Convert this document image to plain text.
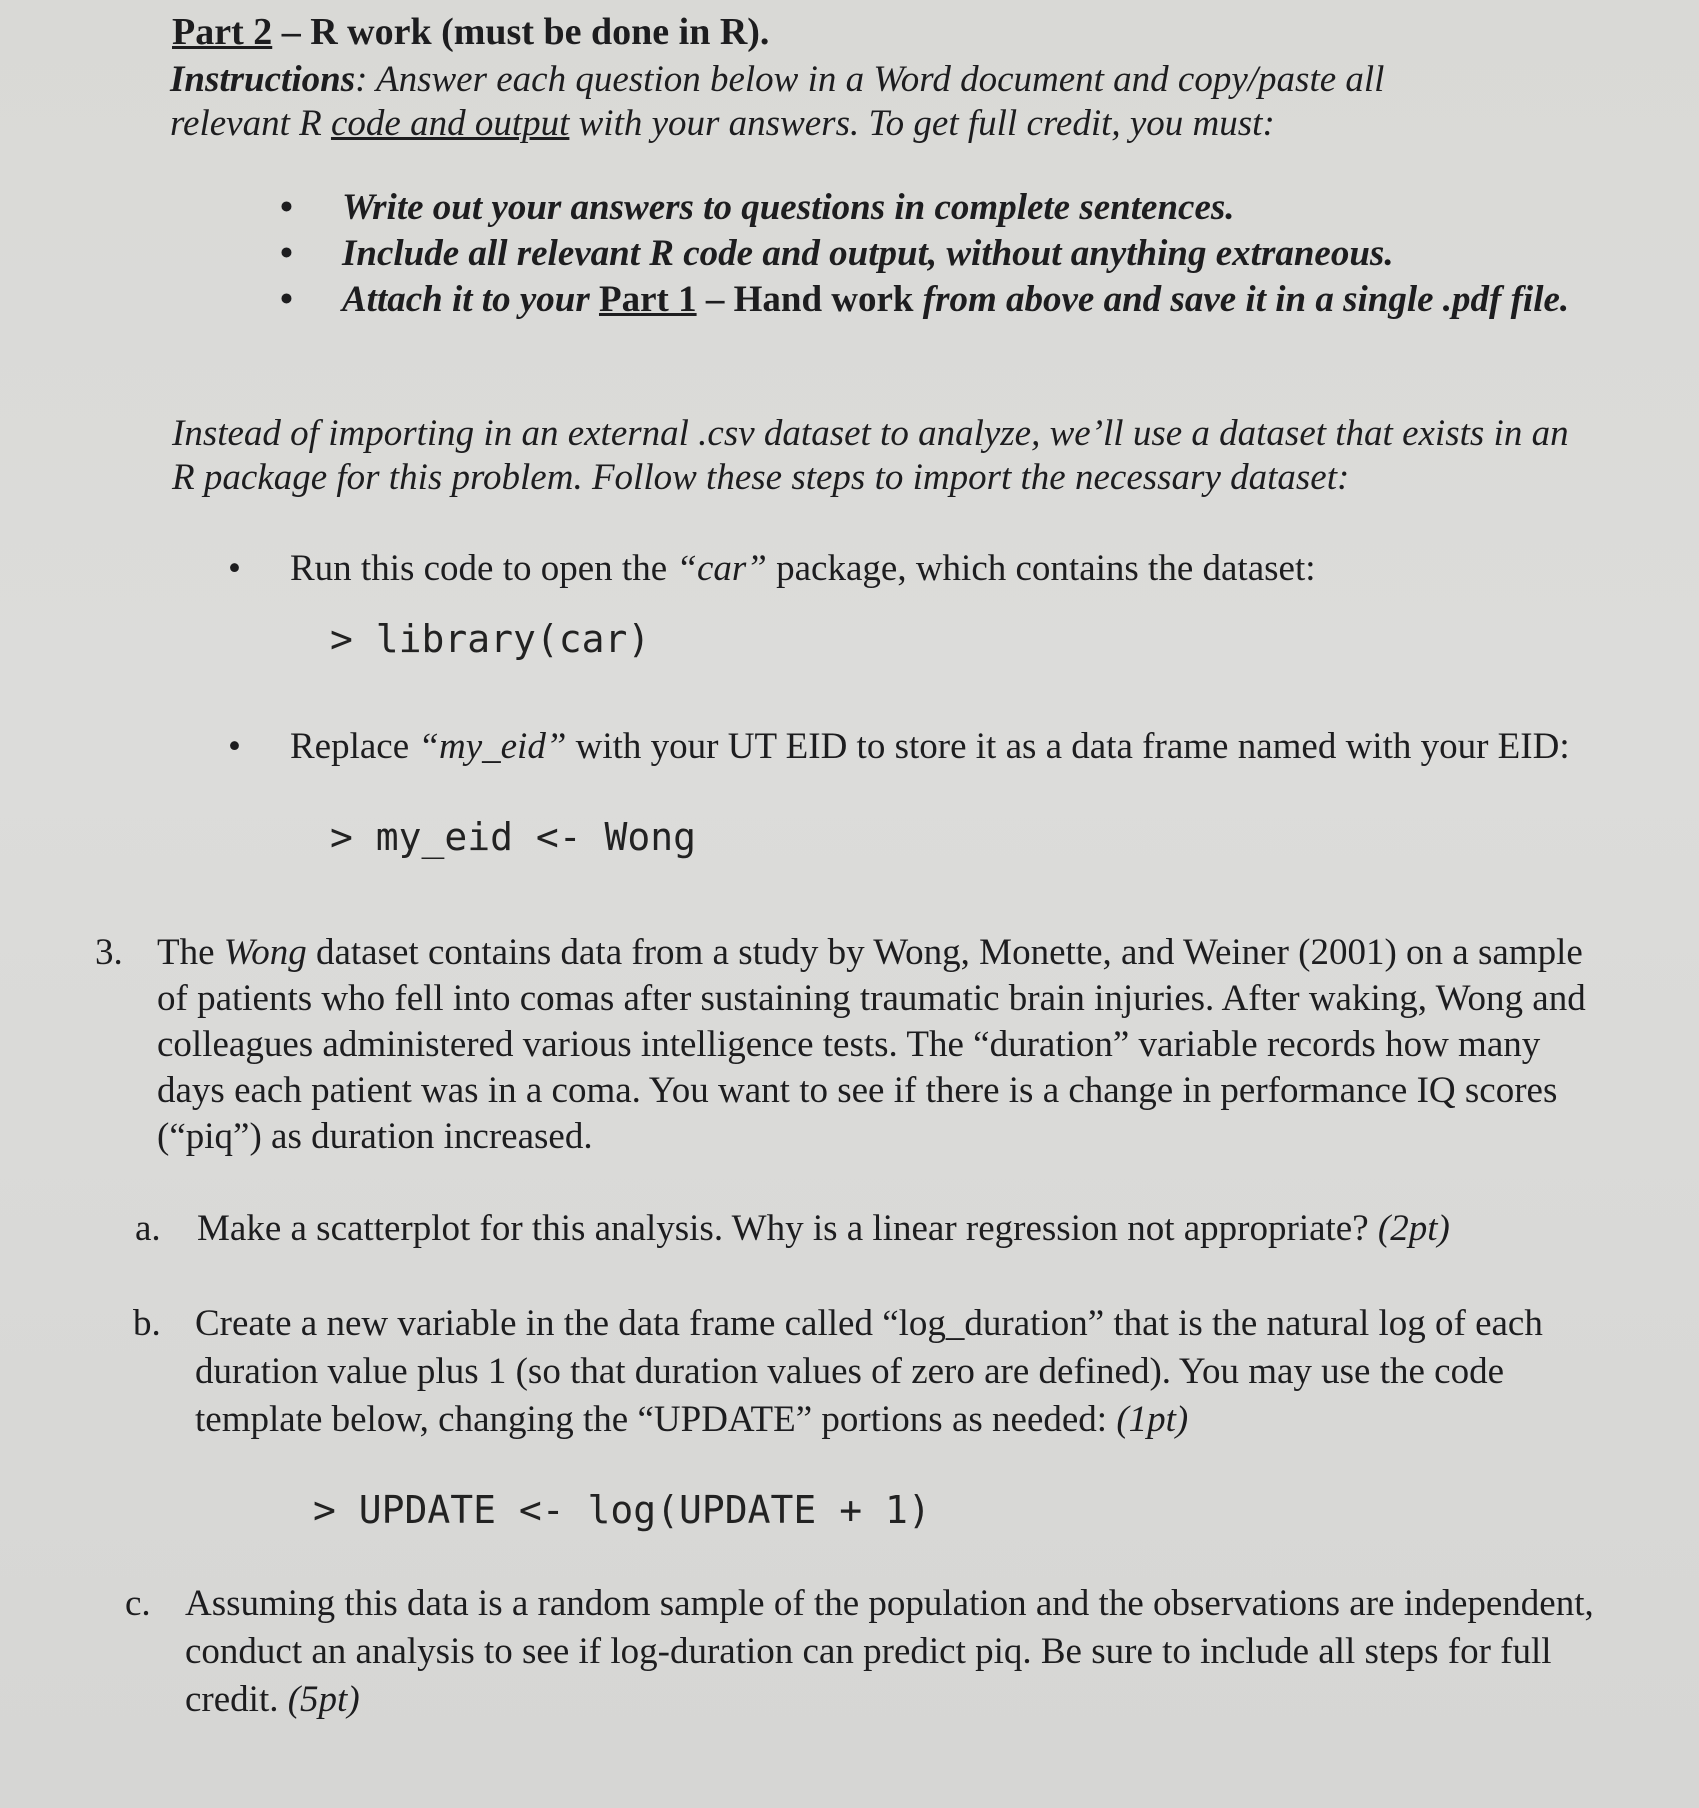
Part 2 – R work (must be done in R).
Instructions: Answer each question below in a Word document and copy/paste all relevant R code and output with your answers. To get full credit, you must:
• Write out your answers to questions in complete sentences.
• Include all relevant R code and output, without anything extraneous.
• Attach it to your Part 1 – Hand work from above and save it in a single .pdf file.
Instead of importing in an external .csv dataset to analyze, we’ll use a dataset that exists in an R package for this problem. Follow these steps to import the necessary dataset:
• Run this code to open the “car” package, which contains the dataset:
> library(car)
• Replace “my_eid” with your UT EID to store it as a data frame named with your EID:
> my_eid <- Wong
3. The Wong dataset contains data from a study by Wong, Monette, and Weiner (2001) on a sample of patients who fell into comas after sustaining traumatic brain injuries. After waking, Wong and colleagues administered various intelligence tests. The “duration” variable records how many days each patient was in a coma. You want to see if there is a change in performance IQ scores (“piq”) as duration increased.
a. Make a scatterplot for this analysis. Why is a linear regression not appropriate? (2pt)
b. Create a new variable in the data frame called “log_duration” that is the natural log of each duration value plus 1 (so that duration values of zero are defined). You may use the code template below, changing the “UPDATE” portions as needed: (1pt)
> UPDATE <- log(UPDATE + 1)
c. Assuming this data is a random sample of the population and the observations are independent, conduct an analysis to see if log-duration can predict piq. Be sure to include all steps for full credit. (5pt)
